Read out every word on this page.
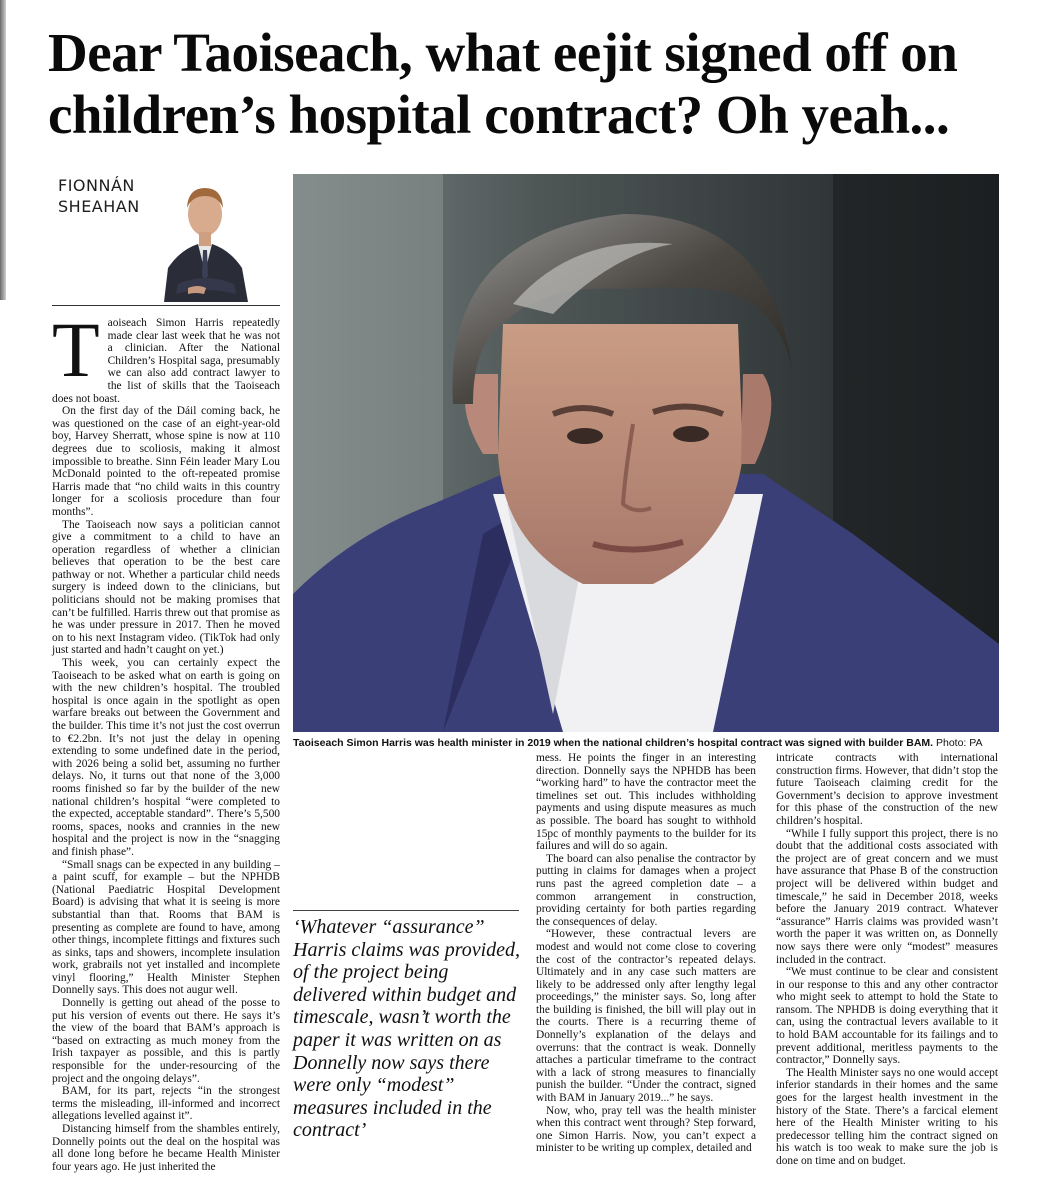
Dear Taoiseach, what eejit signed off on children’s hospital contract? Oh yeah...
FIONNÁN
SHEAHAN
Taoiseach Simon Harris was health minister in 2019 when the national children’s hospital contract was signed with builder BAM. Photo: PA

Taoiseach Simon Harris repeatedly made clear last week that he was not a clinician. After the National Children’s Hospital saga, presumably we can also add contract lawyer to the list of skills that the Taoiseach does not boast.

On the first day of the Dáil coming back, he was questioned on the case of an eight-year-old boy, Harvey Sherratt, whose spine is now at 110 degrees due to scoliosis, making it almost impossible to breathe. Sinn Féin leader Mary Lou McDonald pointed to the oft-repeated promise Harris made that “no child waits in this country longer for a scoliosis procedure than four months”.

The Taoiseach now says a politician cannot give a commitment to a child to have an operation regardless of whether a clinician believes that operation to be the best care pathway or not. Whether a particular child needs surgery is indeed down to the clinicians, but politicians should not be making promises that can’t be fulfilled. Harris threw out that promise as he was under pressure in 2017. Then he moved on to his next Instagram video. (TikTok had only just started and hadn’t caught on yet.)

This week, you can certainly expect the Taoiseach to be asked what on earth is going on with the new children’s hospital. The troubled hospital is once again in the spotlight as open warfare breaks out between the Government and the builder. This time it’s not just the cost overrun to €2.2bn. It’s not just the delay in opening extending to some undefined date in the period, with 2026 being a solid bet, assuming no further delays. No, it turns out that none of the 3,000 rooms finished so far by the builder of the new national children’s hospital “were completed to the expected, acceptable standard”. There’s 5,500 rooms, spaces, nooks and crannies in the new hospital and the project is now in the “snagging and finish phase”.

“Small snags can be expected in any building – a paint scuff, for example – but the NPHDB (National Paediatric Hospital Development Board) is advising that what it is seeing is more substantial than that. Rooms that BAM is presenting as complete are found to have, among other things, incomplete fittings and fixtures such as sinks, taps and showers, incomplete insulation work, grabrails not yet installed and incomplete vinyl flooring,” Health Minister Stephen Donnelly says. This does not augur well.

Donnelly is getting out ahead of the posse to put his version of events out there. He says it’s the view of the board that BAM’s approach is “based on extracting as much money from the Irish taxpayer as possible, and this is partly responsible for the under-resourcing of the project and the ongoing delays”.

BAM, for its part, rejects “in the strongest terms the misleading, ill-informed and incorrect allegations levelled against it”.

Distancing himself from the shambles entirely, Donnelly points out the deal on the hospital was all done long before he became Health Minister four years ago. He just inherited the

‘Whatever “assurance” Harris claims was provided, of the project being delivered within budget and timescale, wasn’t worth the paper it was written on as Donnelly now says there were only “modest” measures included in the contract’

mess. He points the finger in an interesting direction. Donnelly says the NPHDB has been “working hard” to have the contractor meet the timelines set out. This includes withholding payments and using dispute measures as much as possible. The board has sought to withhold 15pc of monthly payments to the builder for its failures and will do so again.

The board can also penalise the contractor by putting in claims for damages when a project runs past the agreed completion date – a common arrangement in construction, providing certainty for both parties regarding the consequences of delay.

“However, these contractual levers are modest and would not come close to covering the cost of the contractor’s repeated delays. Ultimately and in any case such matters are likely to be addressed only after lengthy legal proceedings,” the minister says. So, long after the building is finished, the bill will play out in the courts. There is a recurring theme of Donnelly’s explanation of the delays and overruns: that the contract is weak. Donnelly attaches a particular timeframe to the contract with a lack of strong measures to financially punish the builder. “Under the contract, signed with BAM in January 2019...” he says.

Now, who, pray tell was the health minister when this contract went through? Step forward, one Simon Harris. Now, you can’t expect a minister to be writing up complex, detailed and

intricate contracts with international construction firms. However, that didn’t stop the future Taoiseach claiming credit for the Government’s decision to approve investment for this phase of the construction of the new children’s hospital.

“While I fully support this project, there is no doubt that the additional costs associated with the project are of great concern and we must have assurance that Phase B of the construction project will be delivered within budget and timescale,” he said in December 2018, weeks before the January 2019 contract. Whatever “assurance” Harris claims was provided wasn’t worth the paper it was written on, as Donnelly now says there were only “modest” measures included in the contract.

“We must continue to be clear and consistent in our response to this and any other contractor who might seek to attempt to hold the State to ransom. The NPHDB is doing everything that it can, using the contractual levers available to it to hold BAM accountable for its failings and to prevent additional, meritless payments to the contractor,” Donnelly says.

The Health Minister says no one would accept inferior standards in their homes and the same goes for the largest health investment in the history of the State. There’s a farcical element here of the Health Minister writing to his predecessor telling him the contract signed on his watch is too weak to make sure the job is done on time and on budget.
